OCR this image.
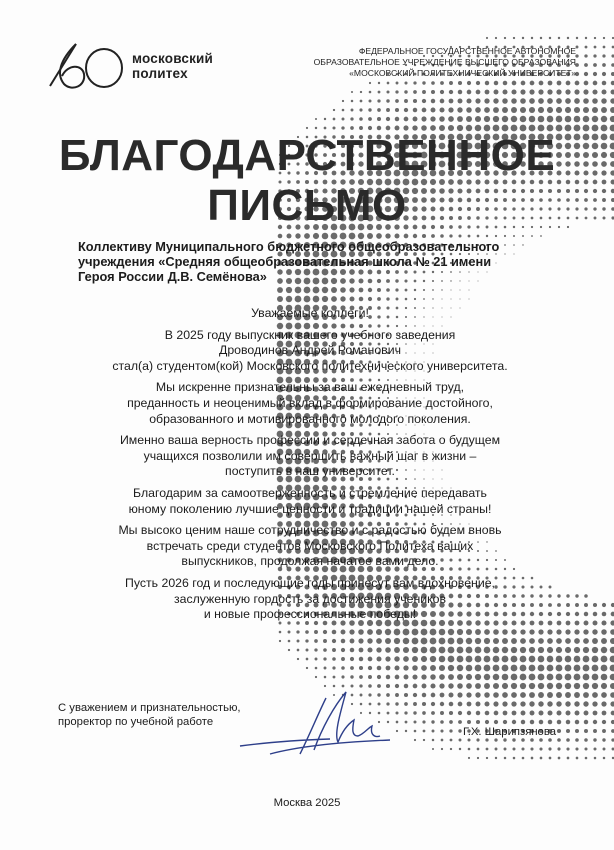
московский
политех
ФЕДЕРАЛЬНОЕ ГОСУДАРСТВЕННОЕ АВТОНОМНОЕ
ОБРАЗОВАТЕЛЬНОЕ УЧРЕЖДЕНИЕ ВЫСШЕГО ОБРАЗОВАНИЯ
«МОСКОВСКИЙ ПОЛИТЕХНИЧЕСКИЙ УНИВЕРСИТЕТ»
БЛАГОДАРСТВЕННОЕ
ПИСЬМО
Коллективу Муниципального бюджетного общеобразовательного
учреждения «Средняя общеобразовательная школа № 21 имени
Героя России Д.В. Семёнова»
Уважаемые коллеги!
В 2025 году выпускник вашего учебного заведения
Дроводинов Андрей Романович
стал(а) студентом(кой) Московского политехнического университета.
Мы искренне признательны за ваш ежедневный труд,
преданность и неоценимый вклад в формирование достойного,
образованного и мотивированного молодого поколения.
Именно ваша верность профессии и сердечная забота о будущем
учащихся позволили им совершить важный шаг в жизни –
поступить в наш университет.
Благодарим за самоотверженность и стремление передавать
юному поколению лучшие ценности и традиции нашей страны!
Мы высоко ценим наше сотрудничество и с радостью будем вновь
встречать среди студентов Московского Политеха ваших
выпускников, продолжая начатое вами дело.
Пусть 2026 год и последующие годы принесут вам вдохновение,
заслуженную гордость за достижения учеников
и новые профессиональные победы!
С уважением и признательностью,
проректор по учебной работе
Г.Х. Шарипзянова
Москва 2025
